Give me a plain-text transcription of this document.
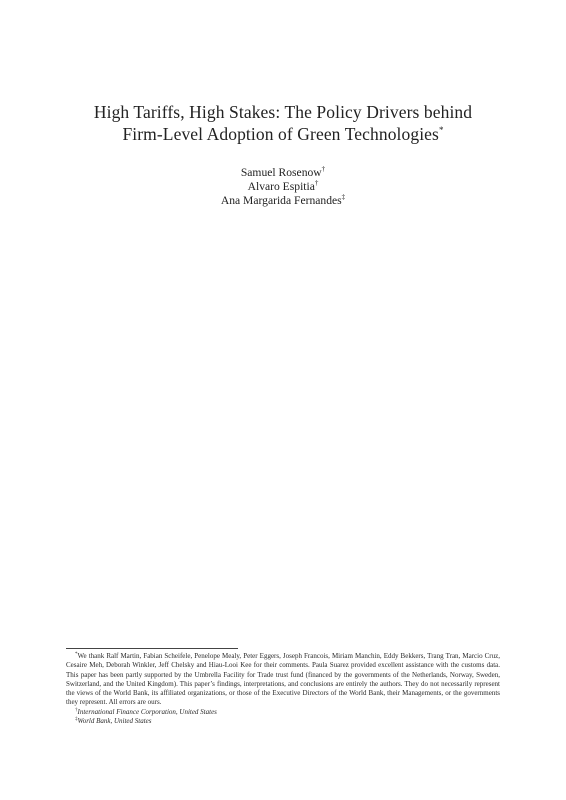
High Tariffs, High Stakes: The Policy Drivers behind
Firm-Level Adoption of Green Technologies*
Samuel Rosenow†
Alvaro Espitia†
Ana Margarida Fernandes‡

*We thank Ralf Martin, Fabian Scheifele, Penelope Mealy, Peter Eggers, Joseph Francois, Miriam Manchin, Eddy Bekkers, Trang Tran, Marcio Cruz, Cesaire Meh, Deborah Winkler, Jeff Chelsky and Hiau-Looi Kee for their comments. Paula Suarez provided excellent assistance with the customs data. This paper has been partly supported by the Umbrella Facility for Trade trust fund (financed by the governments of the Netherlands, Norway, Sweden, Switzerland, and the United Kingdom). This paper’s findings, interpretations, and conclusions are entirely the authors. They do not necessarily represent the views of the World Bank, its affiliated organizations, or those of the Executive Directors of the World Bank, their Managements, or the governments they represent. All errors are ours.

†International Finance Corporation, United States

‡World Bank, United States
